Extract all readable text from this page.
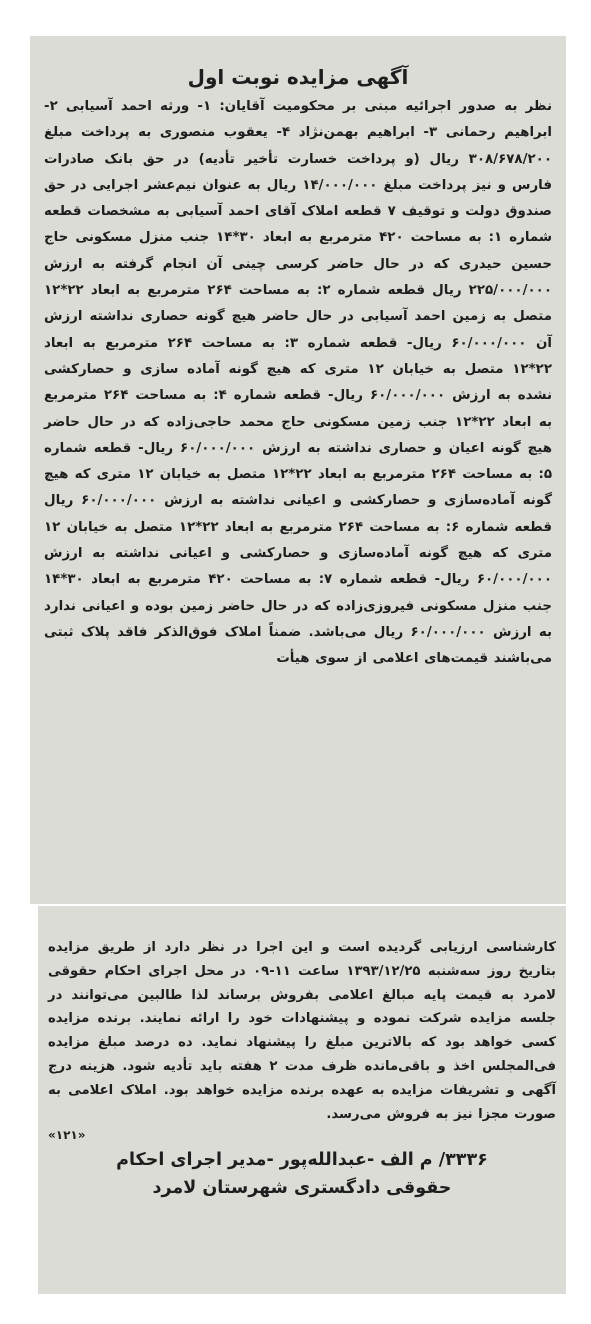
آگهی مزایده نوبت اول

نظر به صدور اجرائیه مبنی بر محکومیت آقایان: ۱- ورثه احمد آسیابی ۲- ابراهیم رحمانی ۳- ابراهیم بهمن‌نژاد ۴- یعقوب منصوری به پرداخت مبلغ ۳۰۸/۶۷۸/۲۰۰ ریال (و پرداخت خسارت تأخیر تأدیه) در حق بانک صادرات فارس و نیز پرداخت مبلغ ۱۴/۰۰۰/۰۰۰ ریال به عنوان نیم‌عشر اجرایی در حق صندوق دولت و توقیف ۷ قطعه املاک آقای احمد آسیابی به مشخصات قطعه شماره ۱: به مساحت ۴۲۰ مترمربع به ابعاد ۳۰*۱۴ جنب منزل مسکونی حاج حسین حیدری که در حال حاضر کرسی چینی آن انجام گرفته به ارزش ۲۲۵/۰۰۰/۰۰۰ ریال قطعه شماره ۲: به مساحت ۲۶۴ مترمربع به ابعاد ۲۲*۱۲ متصل به زمین احمد آسیابی در حال حاضر هیچ گونه حصاری نداشته ارزش آن ۶۰/۰۰۰/۰۰۰ ریال- قطعه شماره ۳: به مساحت ۲۶۴ مترمربع به ابعاد ۲۲*۱۲ متصل به خیابان ۱۲ متری که هیچ گونه آماده سازی و حصارکشی نشده به ارزش ۶۰/۰۰۰/۰۰۰ ریال- قطعه شماره ۴: به مساحت ۲۶۴ مترمربع به ابعاد ۲۲*۱۲ جنب زمین مسکونی حاج محمد حاجی‌زاده که در حال حاضر هیچ گونه اعیان و حصاری نداشته به ارزش ۶۰/۰۰۰/۰۰۰ ریال- قطعه شماره ۵: به مساحت ۲۶۴ مترمربع به ابعاد ۲۲*۱۲ متصل به خیابان ۱۲ متری که هیچ گونه آماده‌سازی و حصارکشی و اعیانی نداشته به ارزش ۶۰/۰۰۰/۰۰۰ ریال قطعه شماره ۶: به مساحت ۲۶۴ مترمربع به ابعاد ۲۲*۱۲ متصل به خیابان ۱۲ متری که هیچ گونه آماده‌سازی و حصارکشی و اعیانی نداشته به ارزش ۶۰/۰۰۰/۰۰۰ ریال- قطعه شماره ۷: به مساحت ۴۲۰ مترمربع به ابعاد ۳۰*۱۴ جنب منزل مسکونی فیروزی‌زاده که در حال حاضر زمین بوده و اعیانی ندارد به ارزش ۶۰/۰۰۰/۰۰۰ ریال می‌باشد. ضمناً املاک فوق‌الذکر فاقد پلاک ثبتی می‌باشند قیمت‌های اعلامی از سوی هیأت

کارشناسی ارزیابی گردیده است و این اجرا در نظر دارد از طریق مزایده بتاریخ روز سه‌شنبه ۱۳۹۳/۱۲/۲۵ ساعت ۱۱-۰۹ در محل اجرای احکام حقوقی لامرد به قیمت پایه مبالغ اعلامی بفروش برساند لذا طالبین می‌توانند در جلسه مزایده شرکت نموده و پیشنهادات خود را ارائه نمایند. برنده مزایده کسی خواهد بود که بالاترین مبلغ را پیشنهاد نماید. ده درصد مبلغ مزایده فی‌المجلس اخذ و باقی‌مانده ظرف مدت ۲ هفته باید تأدیه شود. هزینه درج آگهی و تشریفات مزایده به عهده برنده مزایده خواهد بود. املاک اعلامی به صورت مجزا نیز به فروش می‌رسد.

«۱۲۱»
۳۳۳۶/ م الف -عبدالله‌پور -مدیر اجرای احکام
حقوقی دادگستری شهرستان لامرد
